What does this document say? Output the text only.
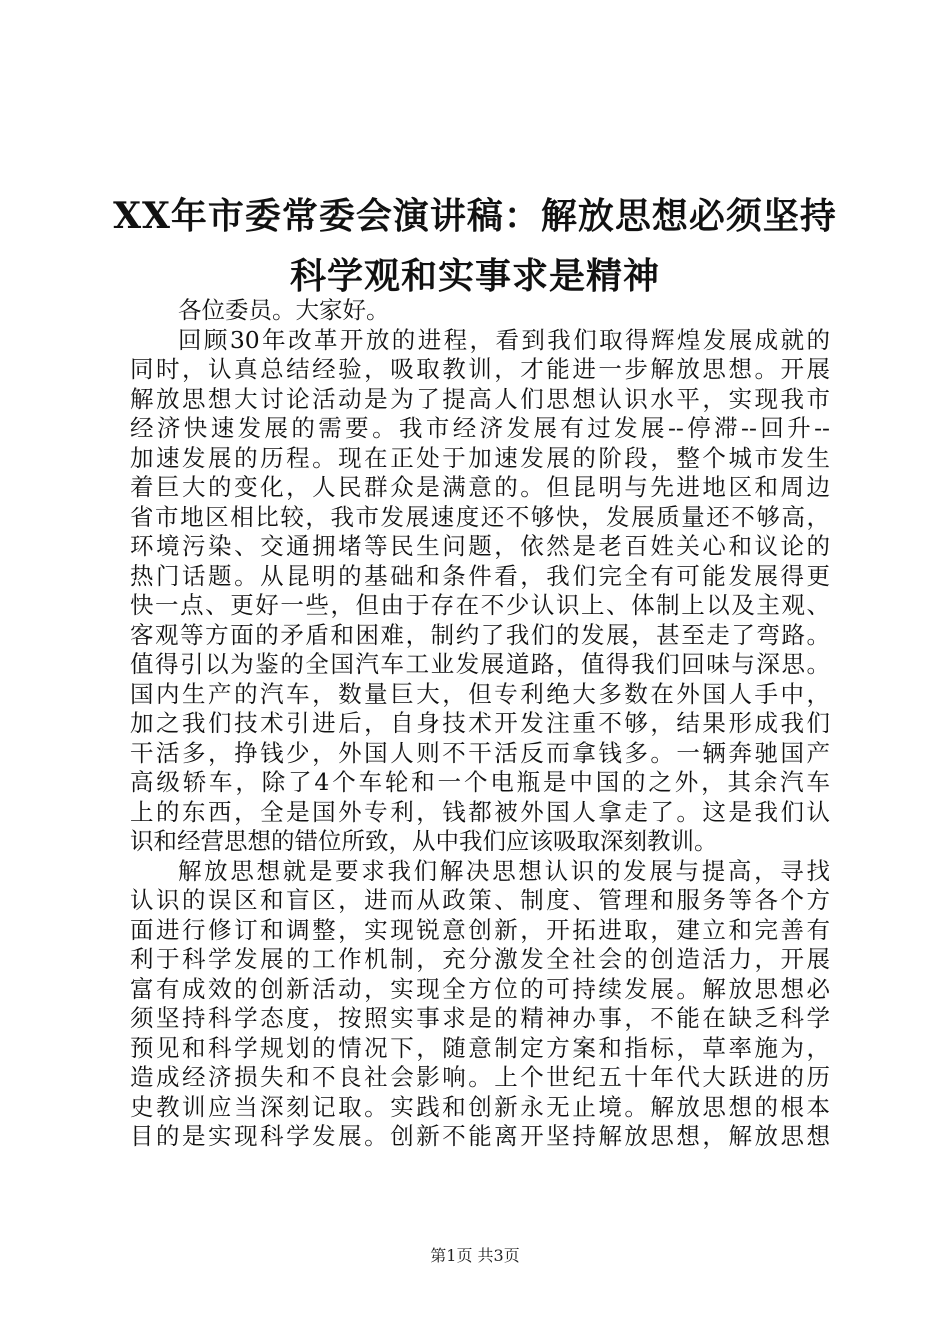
XX年市委常委会演讲稿：解放思想必须坚持
科学观和实事求是精神
各位委员。大家好。
回顾30年改革开放的进程，看到我们取得辉煌发展成就的
同时，认真总结经验，吸取教训，才能进一步解放思想。开展
解放思想大讨论活动是为了提高人们思想认识水平，实现我市
经济快速发展的需要。我市经济发展有过发展--停滞--回升--
加速发展的历程。现在正处于加速发展的阶段，整个城市发生
着巨大的变化，人民群众是满意的。但昆明与先进地区和周边
省市地区相比较，我市发展速度还不够快，发展质量还不够高，
环境污染、交通拥堵等民生问题，依然是老百姓关心和议论的
热门话题。从昆明的基础和条件看，我们完全有可能发展得更
快一点、更好一些，但由于存在不少认识上、体制上以及主观、
客观等方面的矛盾和困难，制约了我们的发展，甚至走了弯路。
值得引以为鉴的全国汽车工业发展道路，值得我们回味与深思。
国内生产的汽车，数量巨大，但专利绝大多数在外国人手中，
加之我们技术引进后，自身技术开发注重不够，结果形成我们
干活多，挣钱少，外国人则不干活反而拿钱多。一辆奔驰国产
高级轿车，除了4个车轮和一个电瓶是中国的之外，其余汽车
上的东西，全是国外专利，钱都被外国人拿走了。这是我们认
识和经营思想的错位所致，从中我们应该吸取深刻教训。
解放思想就是要求我们解决思想认识的发展与提高，寻找
认识的误区和盲区，进而从政策、制度、管理和服务等各个方
面进行修订和调整，实现锐意创新，开拓进取，建立和完善有
利于科学发展的工作机制，充分激发全社会的创造活力，开展
富有成效的创新活动，实现全方位的可持续发展。解放思想必
须坚持科学态度，按照实事求是的精神办事，不能在缺乏科学
预见和科学规划的情况下，随意制定方案和指标，草率施为，
造成经济损失和不良社会影响。上个世纪五十年代大跃进的历
史教训应当深刻记取。实践和创新永无止境。解放思想的根本
目的是实现科学发展。创新不能离开坚持解放思想，解放思想
第1页 共3页
